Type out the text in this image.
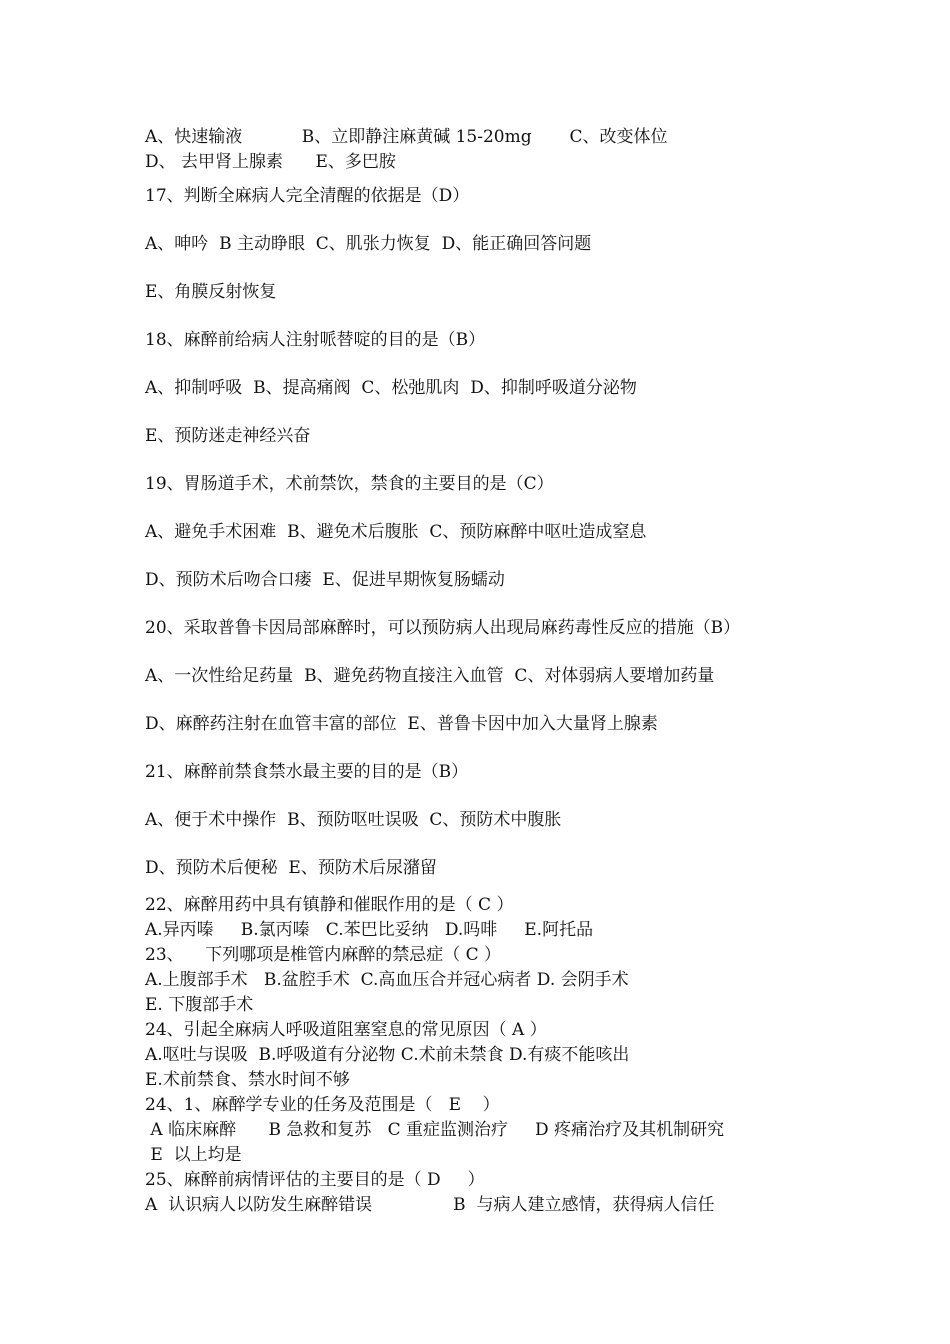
A、快速输液           B、立即静注麻黄碱 15-20mg       C、改变体位

D、 去甲肾上腺素      E、多巴胺

17、判断全麻病人完全清醒的依据是（D）

A、呻吟  B 主动睁眼  C、肌张力恢复  D、能正确回答问题

E、角膜反射恢复

18、麻醉前给病人注射哌替啶的目的是（B）

A、抑制呼吸  B、提高痛阀  C、松弛肌肉  D、抑制呼吸道分泌物

E、预防迷走神经兴奋

19、胃肠道手术，术前禁饮，禁食的主要目的是（C）

A、避免手术困难  B、避免术后腹胀  C、预防麻醉中呕吐造成窒息

D、预防术后吻合口瘘  E、促进早期恢复肠蠕动

20、采取普鲁卡因局部麻醉时，可以预防病人出现局麻药毒性反应的措施（B）

A、一次性给足药量  B、避免药物直接注入血管  C、对体弱病人要增加药量

D、麻醉药注射在血管丰富的部位  E、普鲁卡因中加入大量肾上腺素

21、麻醉前禁食禁水最主要的目的是（B）

A、便于术中操作  B、预防呕吐误吸  C、预防术中腹胀

D、预防术后便秘  E、预防术后尿潴留

22、麻醉用药中具有镇静和催眠作用的是（ C ）

A.异丙嗪     B.氯丙嗪   C.苯巴比妥纳   D.吗啡     E.阿托品

23、    下列哪项是椎管内麻醉的禁忌症（ C ）

A.上腹部手术   B.盆腔手术  C.高血压合并冠心病者 D. 会阴手术

E. 下腹部手术

24、引起全麻病人呼吸道阻塞窒息的常见原因（ A ）

A.呕吐与误吸  B.呼吸道有分泌物 C.术前未禁食 D.有痰不能咳出

E.术前禁食、禁水时间不够

24、1、麻醉学专业的任务及范围是（   E    ）

A 临床麻醉      B 急救和复苏   C 重症监测治疗     D 疼痛治疗及其机制研究

E  以上均是

25、麻醉前病情评估的主要目的是（ D     ）

A  认识病人以防发生麻醉错误               B  与病人建立感情，获得病人信任
